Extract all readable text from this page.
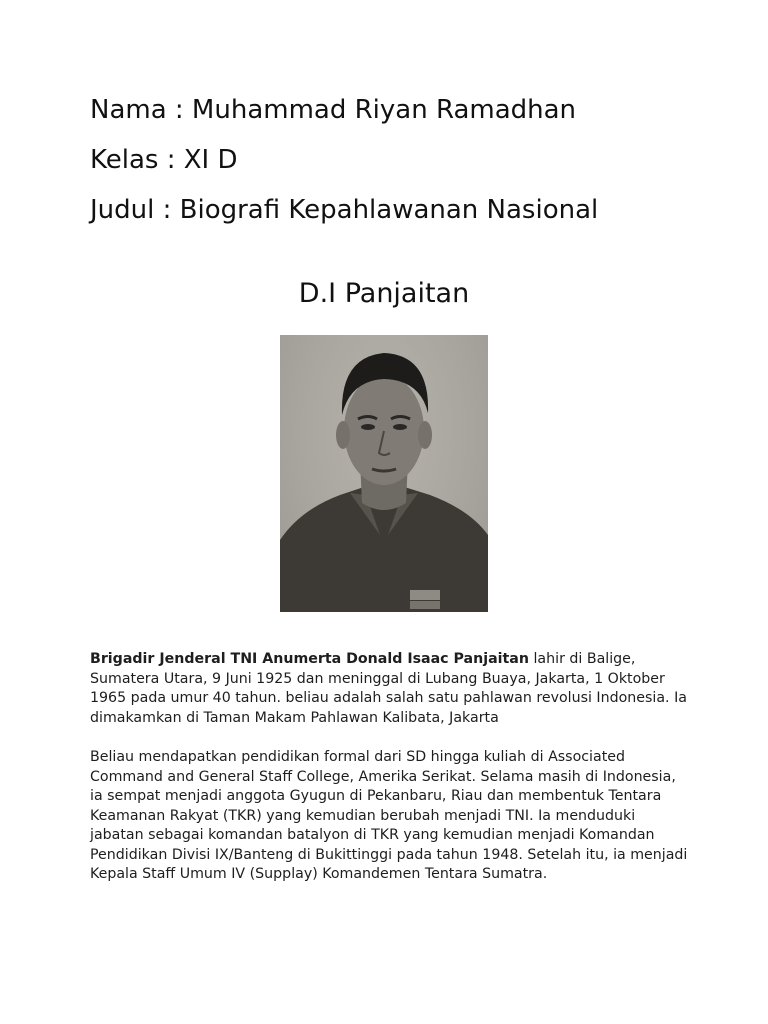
Nama : Muhammad Riyan Ramadhan
Kelas : XI D
Judul : Biografi Kepahlawanan Nasional
D.I Panjaitan

Brigadir Jenderal TNI Anumerta Donald Isaac Panjaitan lahir di Balige, Sumatera Utara, 9 Juni 1925 dan meninggal di Lubang Buaya, Jakarta, 1 Oktober 1965 pada umur 40 tahun. beliau adalah salah satu pahlawan revolusi Indonesia. Ia dimakamkan di Taman Makam Pahlawan Kalibata, Jakarta

Beliau mendapatkan pendidikan formal dari SD hingga kuliah di Associated Command and General Staff College, Amerika Serikat. Selama masih di Indonesia, ia sempat menjadi anggota Gyugun di Pekanbaru, Riau dan membentuk Tentara Keamanan Rakyat (TKR) yang kemudian berubah menjadi TNI. Ia menduduki jabatan sebagai komandan batalyon di TKR yang kemudian menjadi Komandan Pendidikan Divisi IX/Banteng di Bukittinggi pada tahun 1948. Setelah itu, ia menjadi Kepala Staff Umum IV (Supplay) Komandemen Tentara Sumatra.
